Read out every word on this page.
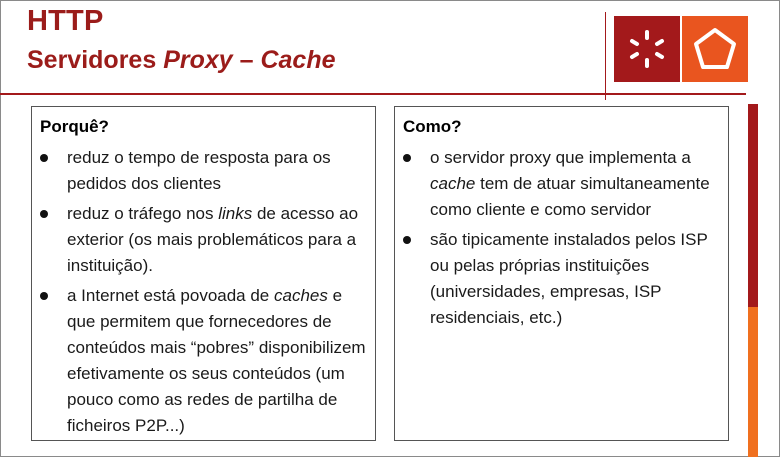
HTTP
Servidores Proxy – Cache
Porquê?
reduz o tempo de resposta para os pedidos dos clientes
reduz o tráfego nos links de acesso ao exterior (os mais problemáticos para a instituição).
a Internet está povoada de caches e que permitem que fornecedores de conteúdos mais “pobres” disponibilizem efetivamente os seus conteúdos (um pouco como as redes de partilha de ficheiros P2P...)
Como?
o servidor proxy que implementa a cache tem de atuar simultaneamente como cliente e como servidor
são tipicamente instalados pelos ISP ou pelas próprias instituições (universidades, empresas, ISP residenciais, etc.)
